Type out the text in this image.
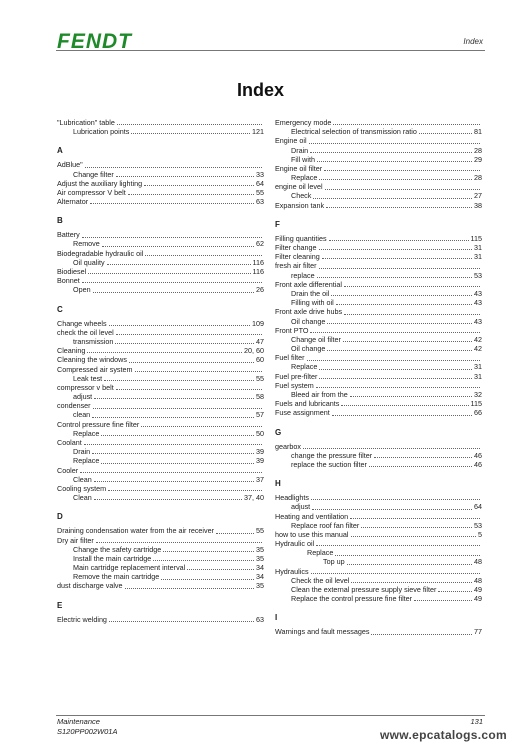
FENDT	Index
Index
"Lubrication" table
Lubrication points	121
A
AdBlue"
Change filter	33
Adjust the auxiliary lighting	64
Air compressor V belt	55
Alternator	63
B
Battery
Remove	62
Biodegradable hydraulic oil
Oil quality	116
Biodiesel	116
Bonnet
Open	26
C
Change wheels	109
check the oil level
transmission	47
Cleaning	20, 60
Cleaning the windows	60
Compressed air system
Leak test	55
compressor v belt
adjust	58
condenser
clean	57
Control pressure fine filter
Replace	50
Coolant
Drain	39
Replace	39
Cooler
Clean	37
Cooling system
Clean	37, 40
D
Draining condensation water from the air receiver	55
Dry air filter
Change the safety cartridge	35
Install the main cartridge	35
Main cartridge replacement interval	34
Remove the main cartridge	34
dust discharge valve	35
E
Electric welding	63
Emergency mode
Electrical selection of transmission ratio	81
Engine oil
Drain	28
Fill with	29
Engine oil filter
Replace	28
engine oil level
Check	27
Expansion tank	38
F
Filling quantities	115
Filter change	31
Filter cleaning	31
fresh air filter
replace	53
Front axle differential
Drain the oil	43
Filling with oil	43
Front axle drive hubs
Oil change	43
Front PTO
Change oil filter	42
Oil change	42
Fuel filter
Replace	31
Fuel pre-filter	31
Fuel system
Bleed air from the	32
Fuels and lubricants	115
Fuse assignment	66
G
gearbox
change the pressure filter	46
replace the suction filter	46
H
Headlights
adjust	64
Heating and ventilation
Replace roof fan filter	53
how to use this manual	5
Hydraulic oil
Replace
Top up	48
Hydraulics
Check the oil level	48
Clean the external pressure supply sieve filter	49
Replace the control pressure fine filter	49
I
Warnings and fault messages	77
Maintenance
S120PP002W01A
131
www.epcatalogs.com
